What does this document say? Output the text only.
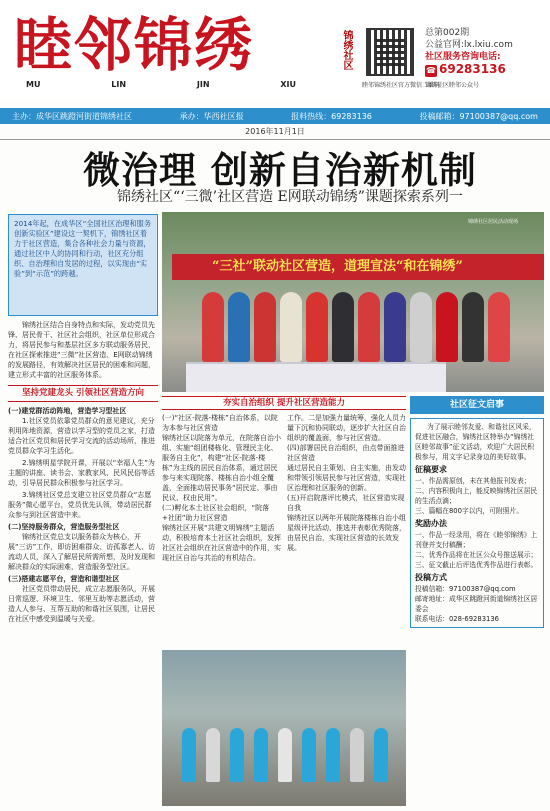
睦邻锦绣
MU	LIN	JIN	XIU
锦绣社区
睦邻锦绣社区官方微信二维码
总第002期
公益官网:lx.lxiu.com
社区服务咨询电话:
☎ 69283136
锦绣社区睦邻公众号
主办：成华区跳蹬河街道锦绣社区	承办：华西社区报	报料热线：69283136	投稿邮箱：97100387@qq.com
2016年11月1日
微治理 创新自治新机制
锦绣社区“‘三微’社区营造 E网联动锦绣”课题探索系列一
2014年起，在成华区“全国社区治理和服务创新实验区”建设这一契机下，锦绣社区着力于社区营造，集合各种社会力量与资源，通过社区中人的协同和行动，社区充分组织、自治理和自发居的过程，以实现由“实验”到“示范”的跨越。	“三社”联动社区营造，道理宣法“和在锦绣”
锦绣社区居民活动现场

锦绣社区结合自身特点和实际，发动党员先锋、居民骨干、社区社会组织，社区单位形成合力，将居民参与和基层社区多方联动服务居民，在社区探索推进“三微”社区营造、E网联动锦绣的发展路径，有效解决社区居民的困难和问题，建立形式丰富的社区服务体系。

坚持党建龙头 引领社区营造方向

(一)建党群活动阵地，营造学习型社区

1.社区党员依靠党员群众的意见建议，充分利用阵地资源，营造以学习型的党员之家，打造适合社区党员和居民学习交流的活动场所，推进党员群众学习生活化。

2.锦绣明星学院开课，开展以“幸福人生”为主题的讲座、读书会、家教家风、民风民俗等活动，引导居民群众积极参与社区学习。

3.锦绣社区党总支建立社区党员群众“志愿服务”微心愿平台，党员优先认领，带动居民群众参与到社区营造中来。

(二)坚持服务群众，营造服务型社区

锦绣社区党总支以服务群众为核心，开展“三访”工作，即访困难群众、访孤寡老人、访流动人员，深入了解居民所需所想，及时发现和解决群众的实际困难，营造服务型社区。

(三)搭建志愿平台，营造和谐型社区

社区党员带动居民，成立志愿服务队，开展日常巡逻、环境卫生、邻里互助等志愿活动，营造人人参与、互帮互助的和谐社区氛围，让居民在社区中感受到温暖与关爱。

夯实自治组织 提升社区营造能力
(一)“社区-院落-楼栋”自治体系，以院为本参与社区营造
锦绣社区以院落为单元，在院落自治小组、实施“组团楼栋化、管理民主化、服务自主化”，构建“社区-院落-楼栋”为主线的居民自治体系，通过居民参与来实现院落、楼栋自治小组全覆盖，全面推动居民事务“居民定、事由民议、权由民用”。
(二)孵化本土社区社会组织，“院落+社团”助力社区营造
锦绣社区开展“共建文明锦绣”主题活动，积极培育本土社区社会组织，发挥社区社会组织在社区营造中的作用，实现社区自治与共治的有机结合。
工作。二是加强力量统筹，强化人员力量下沉和协同联动，逐步扩大社区自治组织的覆盖面，参与社区营造。
(四)部署居民自治组织，由点带面推进社区营造
通过居民自主策划、自主实施，由发动和带领引领居民参与社区营造，实现社区治理和社区服务的创新。
(五)开启院落评比模式，社区营造实现自我
锦绣社区以两年开展院落楼栋自治小组星级评比活动，推选并表彰优秀院落，由居民自治，实现社区营造的长效发展。
社区征文启事

为了展示睦邻友爱、和谐社区风采，促进社区融合，锦绣社区特举办“锦绣社区睦邻故事”征文活动，欢迎广大居民积极参与，用文字记录身边的美好故事。

征稿要求

一、作品需原创，未在其他报刊发表；

二、内容积极向上，能反映锦绣社区居民的生活点滴；

三、篇幅在800字以内，可附照片。

奖励办法

一、作品一经录用，将在《睦邻锦绣》上刊登并支付稿酬；

二、优秀作品将在社区公众号推送展示；

三、征文截止后评选优秀作品进行表彰。

投稿方式

投稿信箱：97100387@qq.com

邮寄地址：成华区跳蹬河街道锦绣社区居委会

联系电话：028-69283136
